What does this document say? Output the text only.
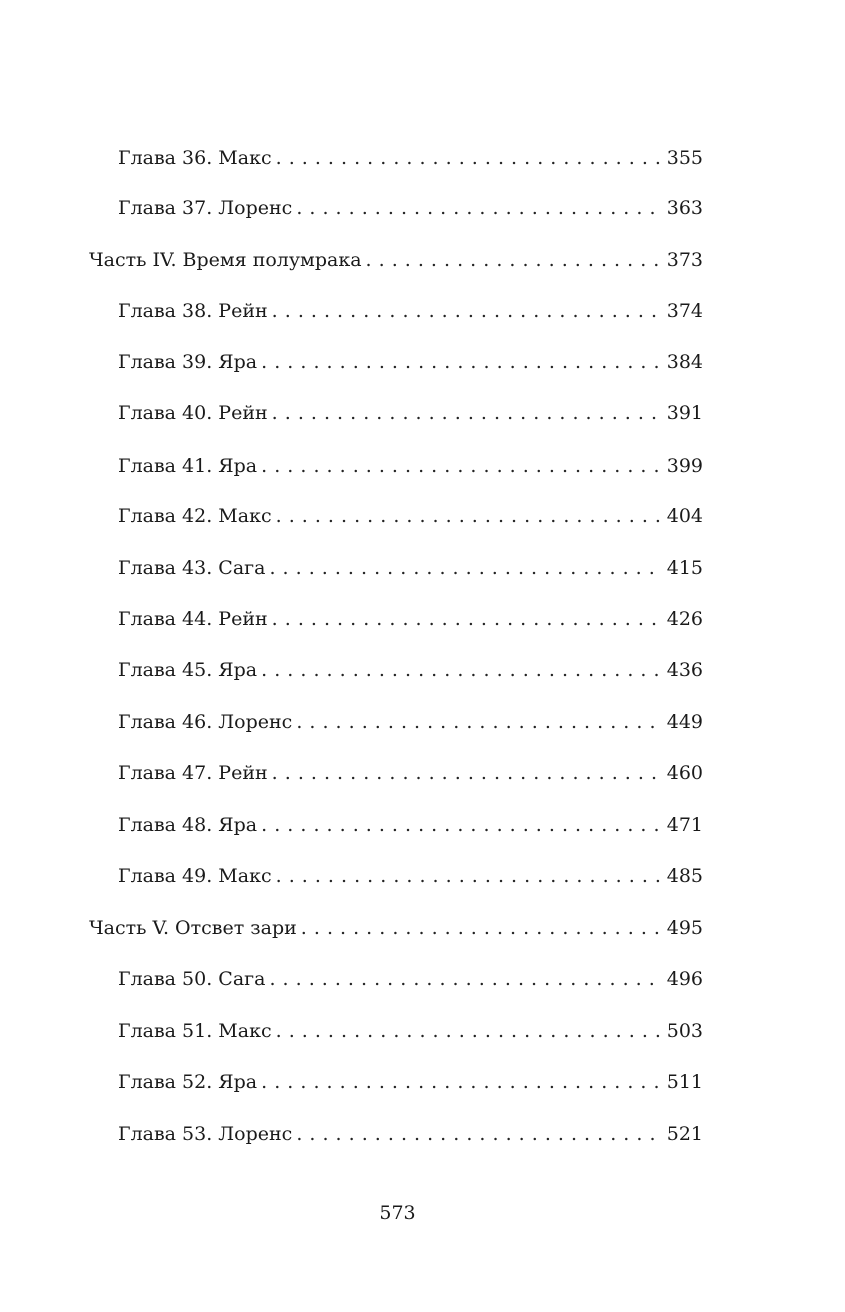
Глава 36. Макс . . .	355
Глава 37. Лоренс . . .	363
Часть IV. Время полумрака . . .	373
Глава 38. Рейн . . .	374
Глава 39. Яра . . .	384
Глава 40. Рейн . . .	391
Глава 41. Яра . . .	399
Глава 42. Макс . . .	404
Глава 43. Сага . . .	415
Глава 44. Рейн . . .	426
Глава 45. Яра . . .	436
Глава 46. Лоренс . . .	449
Глава 47. Рейн . . .	460
Глава 48. Яра . . .	471
Глава 49. Макс . . .	485
Часть V. Отсвет зари . . .	495
Глава 50. Сага . . .	496
Глава 51. Макс . . .	503
Глава 52. Яра . . .	511
Глава 53. Лоренс . . .	521
573
